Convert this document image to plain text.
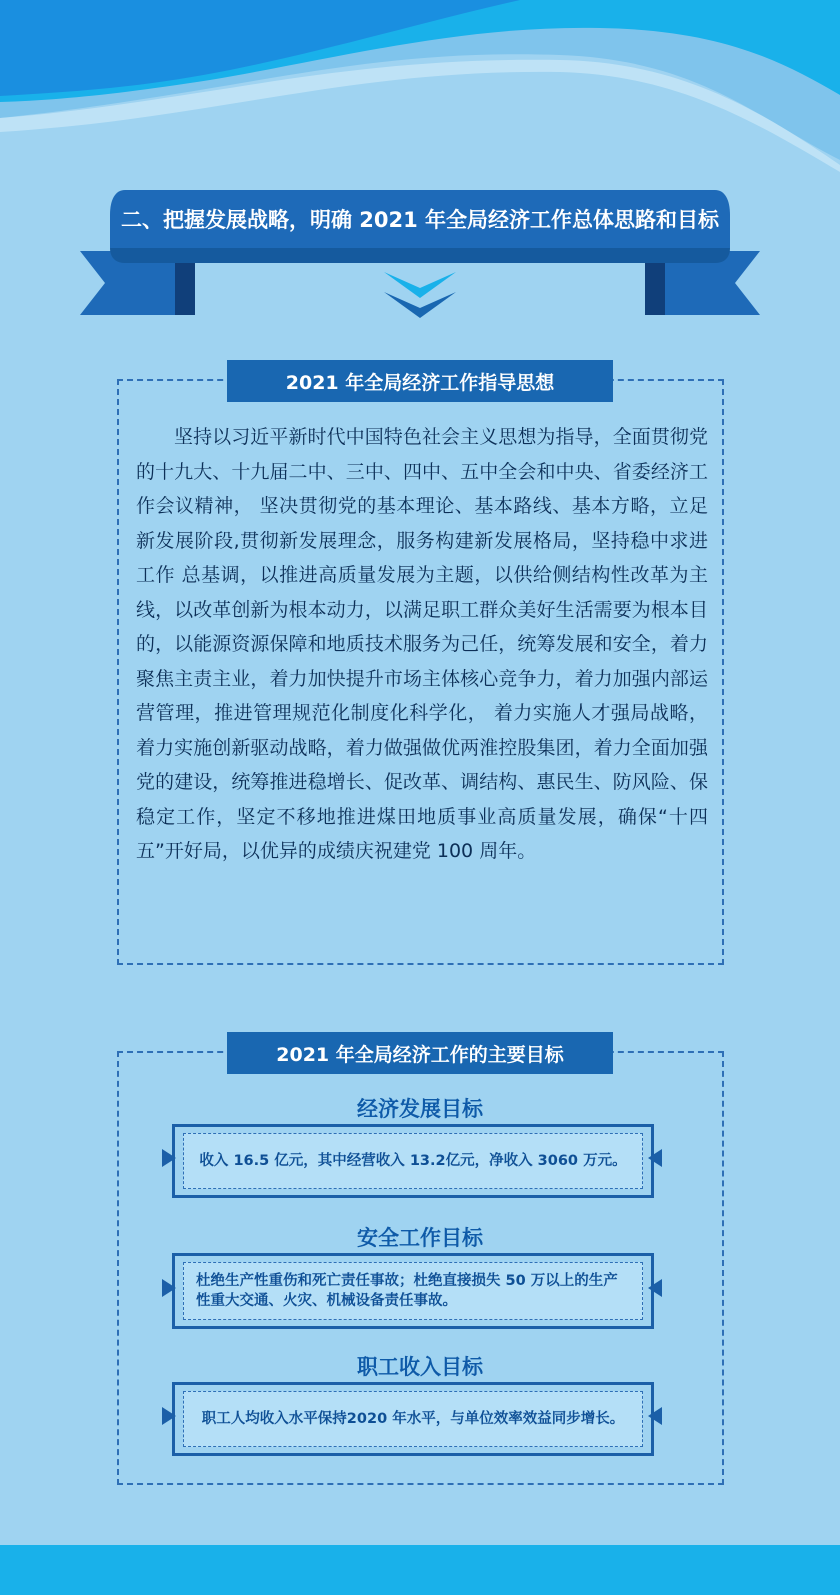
二、把握发展战略，明确 2021 年全局经济工作总体思路和目标
2021 年全局经济工作指导思想

坚持以习近平新时代中国特色社会主义思想为指导，全面贯彻党的十九大、十九届二中、三中、四中、五中全会和中央、省委经济工作会议精神， 坚决贯彻党的基本理论、基本路线、基本方略，立足新发展阶段,贯彻新发展理念，服务构建新发展格局，坚持稳中求进工作 总基调，以推进高质量发展为主题，以供给侧结构性改革为主线，以改革创新为根本动力，以满足职工群众美好生活需要为根本目的，以能源资源保障和地质技术服务为己任，统筹发展和安全，着力聚焦主责主业，着力加快提升市场主体核心竞争力，着力加强内部运营管理，推进管理规范化制度化科学化， 着力实施人才强局战略，着力实施创新驱动战略，着力做强做优两淮控股集团，着力全面加强党的建设，统筹推进稳增长、促改革、调结构、惠民生、防风险、保稳定工作，坚定不移地推进煤田地质事业高质量发展，确保“十四五”开好局，以优异的成绩庆祝建党 100 周年。

2021 年全局经济工作的主要目标
经济发展目标
收入 16.5 亿元，其中经营收入 13.2亿元，净收入 3060 万元。
安全工作目标
杜绝生产性重伤和死亡责任事故；杜绝直接损失 50 万以上的生产性重大交通、火灾、机械设备责任事故。
职工收入目标
职工人均收入水平保持2020 年水平，与单位效率效益同步增长。
